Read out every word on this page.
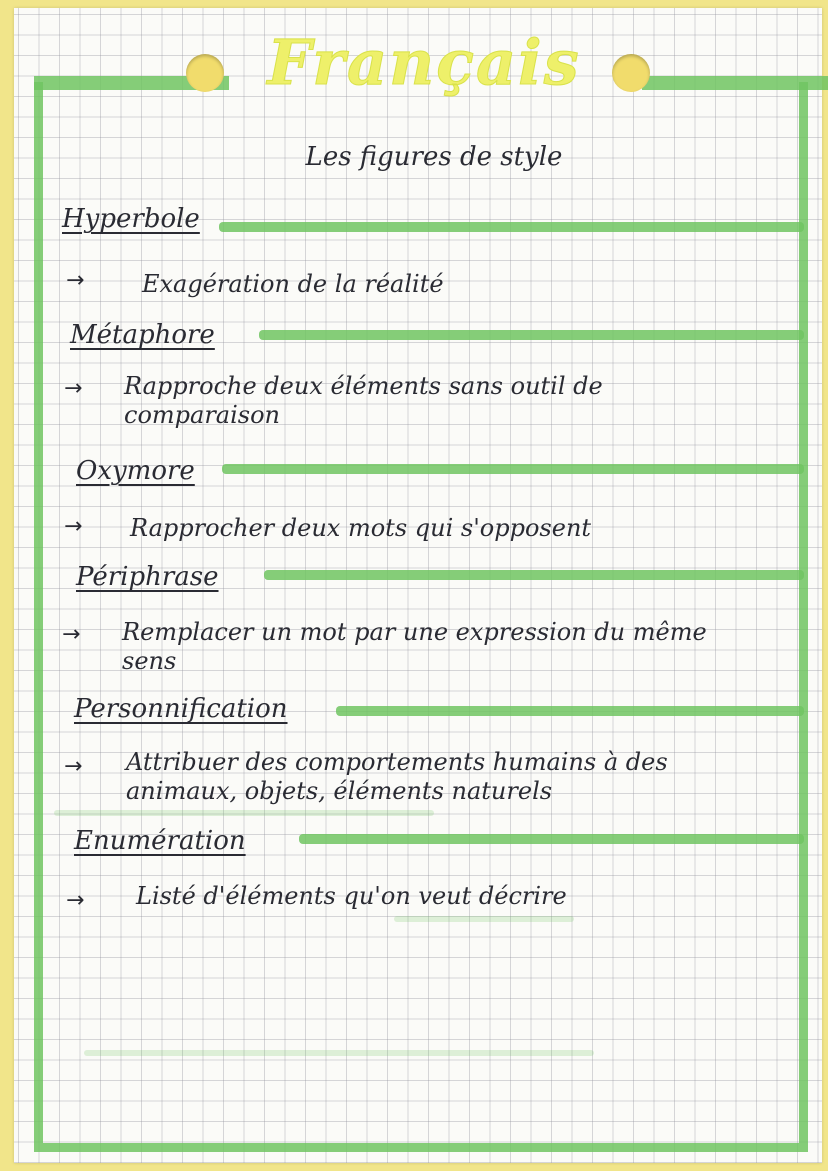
Français
Les figures de style
Hyperbole
→ Exagération de la réalité
Métaphore
→ Rapproche deux éléments sans outil de comparaison
Oxymore
→ Rapprocher deux mots qui s'opposent
Périphrase
→ Remplacer un mot par une expression du même sens
Personnification
→ Attribuer des comportements humains à des animaux, objets, éléments naturels
Enumération
→ Listé d'éléments qu'on veut décrire
